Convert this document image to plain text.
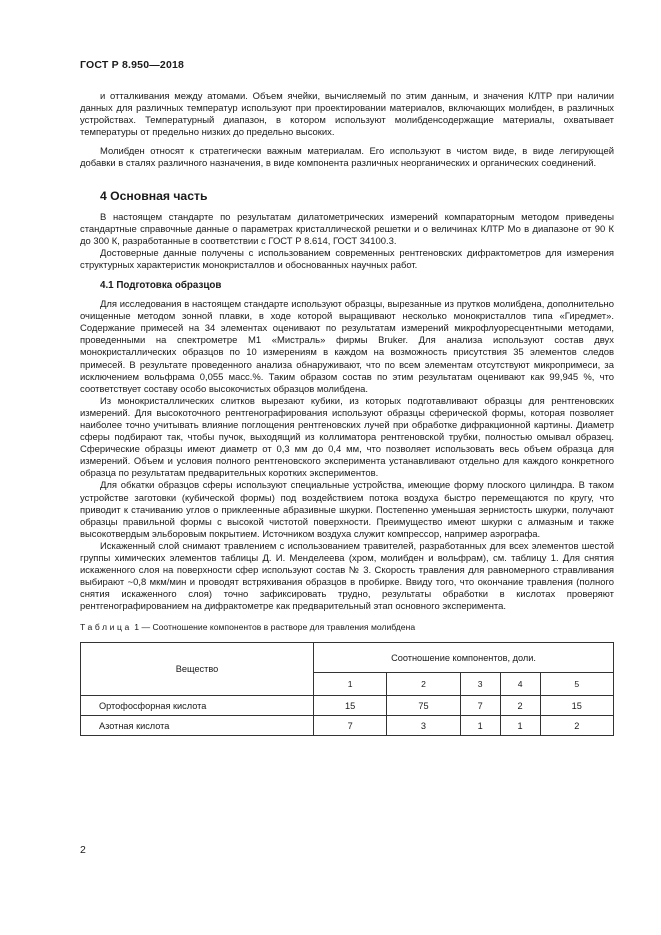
ГОСТ Р 8.950—2018

и отталкивания между атомами. Объем ячейки, вычисляемый по этим данным, и значения КЛТР при наличии данных для различных температур используют при проектировании материалов, включающих молибден, в различных устройствах. Температурный диапазон, в котором используют молибденсодержащие материалы, охватывает температуры от предельно низких до предельно высоких.

Молибден относят к стратегически важным материалам. Его используют в чистом виде, в виде легирующей добавки в сталях различного назначения, в виде компонента различных неорганических и органических соединений.

4 Основная часть

В настоящем стандарте по результатам дилатометрических измерений компараторным методом приведены стандартные справочные данные о параметрах кристаллической решетки и о величинах КЛТР Мо в диапазоне от 90 К до 300 К, разработанные в соответствии с ГОСТ Р 8.614, ГОСТ 34100.3.

Достоверные данные получены с использованием современных рентгеновских дифрактометров для измерения структурных характеристик монокристаллов и обоснованных научных работ.

4.1 Подготовка образцов

Для исследования в настоящем стандарте используют образцы, вырезанные из прутков молибдена, дополнительно очищенные методом зонной плавки, в ходе которой выращивают несколько монокристаллов типа «Гиредмет». Содержание примесей на 34 элементах оценивают по результатам измерений микрофлуоресцентными методами, проведенными на спектрометре М1 «Мистраль» фирмы Bruker. Для анализа используют состав двух монокристаллических образцов по 10 измерениям в каждом на возможность присутствия 35 элементов следов примесей. В результате проведенного анализа обнаруживают, что по всем элементам отсутствуют микропримеси, за исключением вольфрама 0,055 масс.%. Таким образом состав по этим результатам оценивают как 99,945 %, что соответствует составу особо высокочистых образцов молибдена.

Из монокристаллических слитков вырезают кубики, из которых подготавливают образцы для рентгеновских измерений. Для высокоточного рентгенографирования используют образцы сферической формы, которая позволяет наиболее точно учитывать влияние поглощения рентгеновских лучей при обработке дифракционной картины. Диаметр сферы подбирают так, чтобы пучок, выходящий из коллиматора рентгеновской трубки, полностью омывал образец. Сферические образцы имеют диаметр от 0,3 мм до 0,4 мм, что позволяет использовать весь объем образца для измерений. Объем и условия полного рентгеновского эксперимента устанавливают отдельно для каждого конкретного образца по результатам предварительных коротких экспериментов.

Для обкатки образцов сферы используют специальные устройства, имеющие форму плоского цилиндра. В таком устройстве заготовки (кубической формы) под воздействием потока воздуха быстро перемещаются по кругу, что приводит к стачиванию углов о приклеенные абразивные шкурки. Постепенно уменьшая зернистость шкурки, получают образцы правильной формы с высокой чистотой поверхности. Преимущество имеют шкурки с алмазным и также высокотвердым эльборовым покрытием. Источником воздуха служит компрессор, например аэрографа.

Искаженный слой снимают травлением с использованием травителей, разработанных для всех элементов шестой группы химических элементов таблицы Д. И. Менделеева (хром, молибден и вольфрам), см. таблицу 1. Для снятия искаженного слоя на поверхности сфер используют состав № 3. Скорость травления для равномерного стравливания выбирают ~0,8 мкм/мин и проводят встряхивания образцов в пробирке. Ввиду того, что окончание травления (полного снятия искаженного слоя) точно зафиксировать трудно, результаты обработки в кислотах проверяют рентгенографированием на дифрактометре как предварительный этап основного эксперимента.

Таблица 1 — Соотношение компонентов в растворе для травления молибдена
Вещество	Соотношение компонентов, доли.				
	1	2	3	4	5
Ортофосфорная кислота	15	75	7	2	15
Азотная кислота	7	3	1	1	2
2
